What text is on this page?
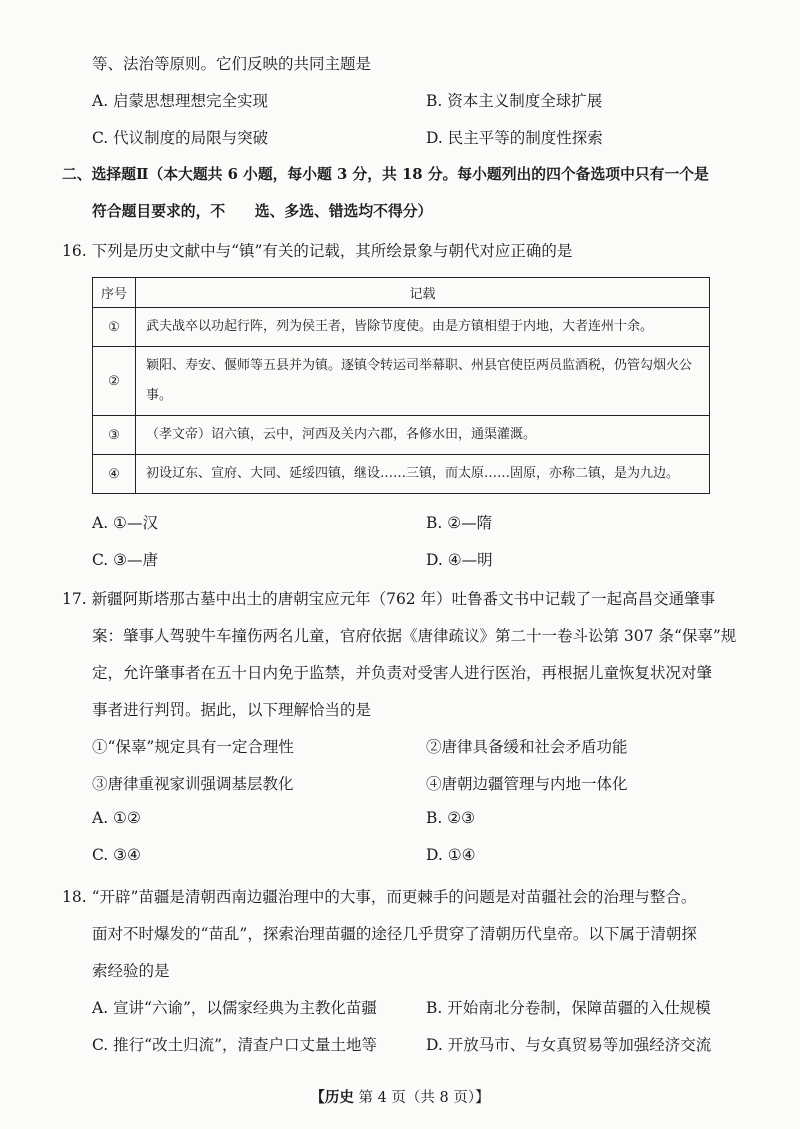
等、法治等原则。它们反映的共同主题是
A. 启蒙思想理想完全实现	B. 资本主义制度全球扩展
C. 代议制度的局限与突破	D. 民主平等的制度性探索
二、选择题Ⅱ（本大题共 6 小题，每小题 3 分，共 18 分。每小题列出的四个备选项中只有一个是
符合题目要求的，不　　选、多选、错选均不得分）
16. 下列是历史文献中与“镇”有关的记载，其所绘景象与朝代对应正确的是
序号	记载
①	武夫战卒以功起行阵，列为侯王者，皆除节度使。由是方镇相望于内地，大者连州十余。
②	颖阳、寿安、偃师等五县并为镇。逐镇令转运司举幕职、州县官使臣两员监酒税，仍管勾烟火公事。
③	（孝文帝）诏六镇，云中，河西及关内六郡，各修水田，通渠灌溉。
④	初设辽东、宣府、大同、延绥四镇，继设……三镇，而太原……固原，亦称二镇，是为九边。
A. ①—汉	B. ②—隋
C. ③—唐	D. ④—明
17. 新疆阿斯塔那古墓中出土的唐朝宝应元年（762 年）吐鲁番文书中记载了一起高昌交通肇事
案：肇事人驾驶牛车撞伤两名儿童，官府依据《唐律疏议》第二十一卷斗讼第 307 条“保辜”规
定，允许肇事者在五十日内免于监禁，并负责对受害人进行医治，再根据儿童恢复状况对肇
事者进行判罚。据此，以下理解恰当的是
①“保辜”规定具有一定合理性	②唐律具备缓和社会矛盾功能
③唐律重视家训强调基层教化	④唐朝边疆管理与内地一体化
A. ①②	B. ②③
C. ③④	D. ①④
18. “开辟”苗疆是清朝西南边疆治理中的大事，而更棘手的问题是对苗疆社会的治理与整合。
面对不时爆发的“苗乱”，探索治理苗疆的途径几乎贯穿了清朝历代皇帝。以下属于清朝探
索经验的是
A. 宣讲“六谕”，以儒家经典为主教化苗疆	B. 开始南北分卷制，保障苗疆的入仕规模
C. 推行“改土归流”，清查户口丈量土地等	D. 开放马市、与女真贸易等加强经济交流
【历史 第 4 页（共 8 页）】
